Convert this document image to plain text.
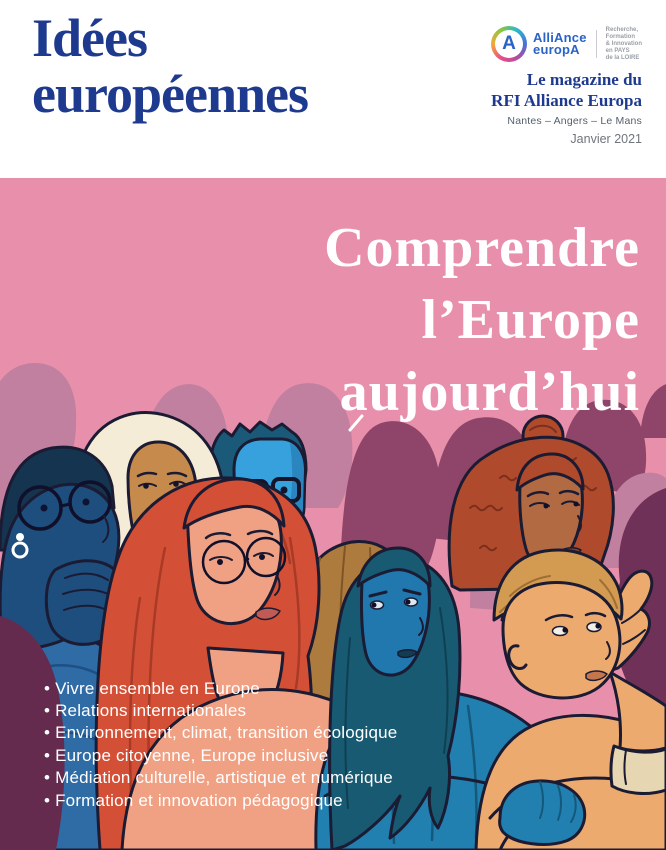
Idées
européennes
A	AlliAnce
europA
Recherche,
Formation
& Innovation
en PAYS
de la LOIRE
Le magazine du
RFI Alliance Europa
Nantes – Angers – Le Mans
Janvier 2021
Comprendre
l’Europe
aujourd’hui
• Vivre ensemble en Europe
• Relations internationales
• Environnement, climat, transition écologique
• Europe citoyenne, Europe inclusive
• Médiation culturelle, artistique et numérique
• Formation et innovation pédagogique
